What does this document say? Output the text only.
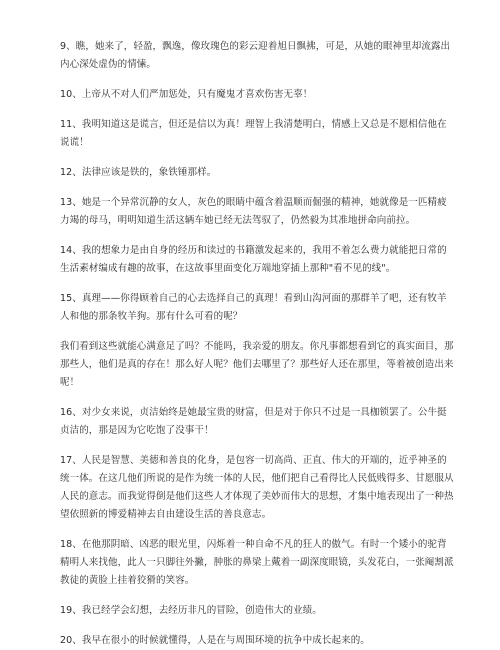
9、瞧，她来了，轻盈，飘逸，像玫瑰色的彩云迎着旭日飘拂，可是，从她的眼神里却流露出内心深处虚伪的情愫。

10、上帝从不对人们严加惩处，只有魔鬼才喜欢伤害无辜！

11、我明知道这是谎言，但还是信以为真！理智上我清楚明白，情感上又总是不愿相信他在说谎！

12、法律应该是铁的，象铁锤那样。

13、她是一个异常沉静的女人，灰色的眼睛中蕴含着温顺而倔强的精神，她就像是一匹精疲力竭的母马，明明知道生活这辆车她已经无法驾驭了，仍然毅为其准地拼命向前拉。

14、我的想象力是由自身的经历和读过的书籍激发起来的，我用不着怎么费力就能把日常的生活素材编成有趣的故事，在这故事里面变化万端地穿插上那种"看不见的线"。

15、真理——你得顾着自己的心去选择自己的真理！看到山沟河面的那群羊了吧，还有牧羊人和他的那条牧羊狗。那有什么可看的呢？

我们看到这些就能心满意足了吗？不能吗，我亲爱的朋友。你凡事都想看到它的真实面目，那那些人，他们是真的存在！那么好人呢？他们去哪里了？那些好人还在那里，等着被创造出来呢！

16、对少女来说，贞洁始终是她最宝贵的财富，但是对于你只不过是一具枷锁罢了。公牛挺贞洁的，那是因为它吃饱了没事干！

17、人民是智慧、美德和善良的化身，是包容一切高尚、正直、伟大的开端的，近乎神圣的统一体。在这几他们所说的是作为统一体的人民，他们把自己看得比人民低贱得多、甘愿服从人民的意志。而我觉得倒是他们这些人才体现了美妙而伟大的思想，才集中地表现出了一种热望依照新的博爱精神去自由建设生活的善良意志。

18、在他那阴暗、凶恶的眼光里，闪烁着一种自命不凡的狂人的傲气。有时一个矮小的驼背精明人来找他，此人一只脚往外撇，肿胀的鼻梁上戴着一副深度眼镜，头发花白，一张阉割派教徒的黄脸上挂着狡猾的笑容。

19、我已经学会幻想，去经历非凡的冒险，创造伟大的业绩。

20、我早在很小的时候就懂得，人是在与周围环境的抗争中成长起来的。
